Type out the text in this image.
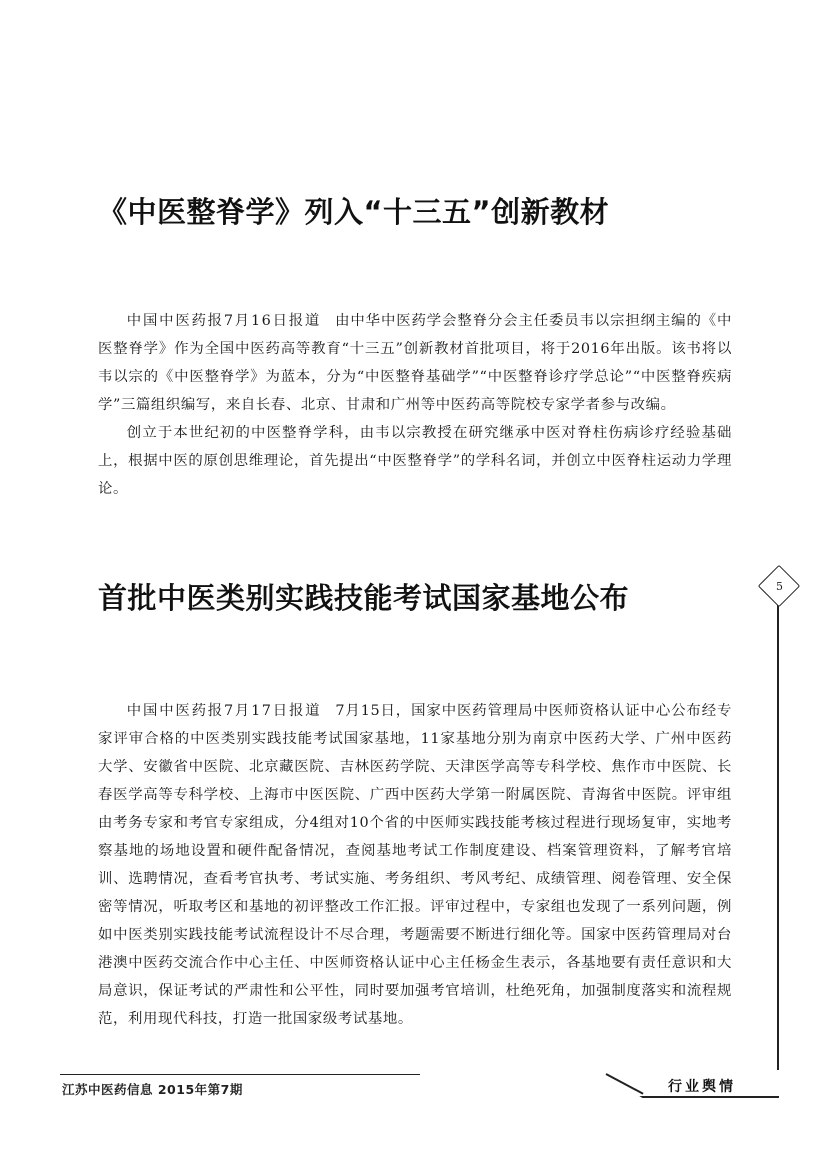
《中医整脊学》列入“十三五”创新教材

中国中医药报7月16日报道 由中华中医药学会整脊分会主任委员韦以宗担纲主编的《中医整脊学》作为全国中医药高等教育“十三五”创新教材首批项目，将于2016年出版。该书将以韦以宗的《中医整脊学》为蓝本，分为“中医整脊基础学”“中医整脊诊疗学总论”“中医整脊疾病学”三篇组织编写，来自长春、北京、甘肃和广州等中医药高等院校专家学者参与改编。

创立于本世纪初的中医整脊学科，由韦以宗教授在研究继承中医对脊柱伤病诊疗经验基础上，根据中医的原创思维理论，首先提出“中医整脊学”的学科名词，并创立中医脊柱运动力学理论。

首批中医类别实践技能考试国家基地公布

中国中医药报7月17日报道 7月15日，国家中医药管理局中医师资格认证中心公布经专家评审合格的中医类别实践技能考试国家基地，11家基地分别为南京中医药大学、广州中医药大学、安徽省中医院、北京藏医院、吉林医药学院、天津医学高等专科学校、焦作市中医院、长春医学高等专科学校、上海市中医医院、广西中医药大学第一附属医院、青海省中医院。评审组由考务专家和考官专家组成，分4组对10个省的中医师实践技能考核过程进行现场复审，实地考察基地的场地设置和硬件配备情况，查阅基地考试工作制度建设、档案管理资料，了解考官培训、选聘情况，查看考官执考、考试实施、考务组织、考风考纪、成绩管理、阅卷管理、安全保密等情况，听取考区和基地的初评整改工作汇报。评审过程中，专家组也发现了一系列问题，例如中医类别实践技能考试流程设计不尽合理，考题需要不断进行细化等。国家中医药管理局对台港澳中医药交流合作中心主任、中医师资格认证中心主任杨金生表示，各基地要有责任意识和大局意识，保证考试的严肃性和公平性，同时要加强考官培训，杜绝死角，加强制度落实和流程规范，利用现代科技，打造一批国家级考试基地。

5
江苏中医药信息 2015年第7期	行业舆情
